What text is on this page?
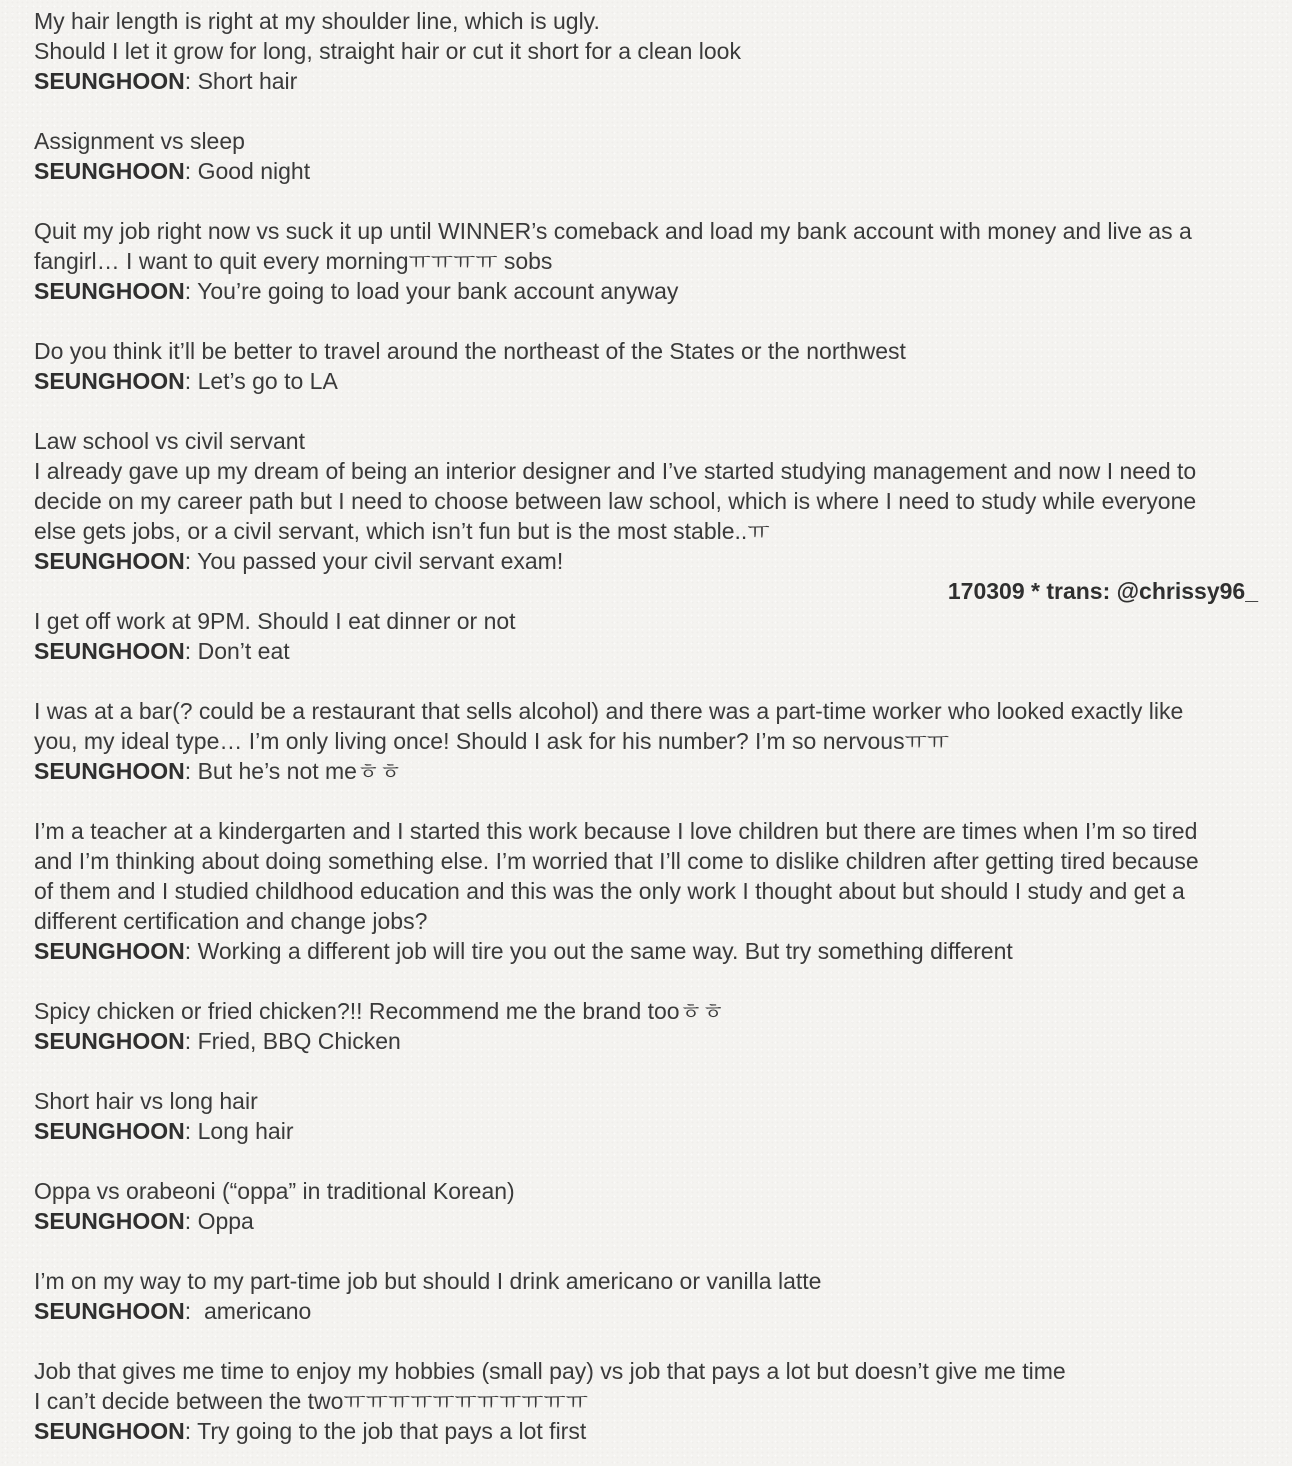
My hair length is right at my shoulder line, which is ugly.
Should I let it grow for long, straight hair or cut it short for a clean look
SEUNGHOON: Short hair
Assignment vs sleep
SEUNGHOON: Good night
Quit my job right now vs suck it up until WINNER’s comeback and load my bank account with money and live as a
fangirl… I want to quit every morningㅠㅠㅠㅠ sobs
SEUNGHOON: You’re going to load your bank account anyway
Do you think it’ll be better to travel around the northeast of the States or the northwest
SEUNGHOON: Let’s go to LA
Law school vs civil servant
I already gave up my dream of being an interior designer and I’ve started studying management and now I need to
decide on my career path but I need to choose between law school, which is where I need to study while everyone
else gets jobs, or a civil servant, which isn’t fun but is the most stable..ㅠ
SEUNGHOON: You passed your civil servant exam!
170309 * trans: @chrissy96_
I get off work at 9PM. Should I eat dinner or not
SEUNGHOON: Don’t eat
I was at a bar(? could be a restaurant that sells alcohol) and there was a part-time worker who looked exactly like
you, my ideal type… I’m only living once! Should I ask for his number? I’m so nervousㅠㅠ
SEUNGHOON: But he’s not meㅎㅎ
I’m a teacher at a kindergarten and I started this work because I love children but there are times when I’m so tired
and I’m thinking about doing something else. I’m worried that I’ll come to dislike children after getting tired because
of them and I studied childhood education and this was the only work I thought about but should I study and get a
different certification and change jobs?
SEUNGHOON: Working a different job will tire you out the same way. But try something different
Spicy chicken or fried chicken?!! Recommend me the brand tooㅎㅎ
SEUNGHOON: Fried, BBQ Chicken
Short hair vs long hair
SEUNGHOON: Long hair
Oppa vs orabeoni (“oppa” in traditional Korean)
SEUNGHOON: Oppa
I’m on my way to my part-time job but should I drink americano or vanilla latte
SEUNGHOON:  americano
Job that gives me time to enjoy my hobbies (small pay) vs job that pays a lot but doesn’t give me time
I can’t decide between the twoㅠㅠㅠㅠㅠㅠㅠㅠㅠㅠㅠ
SEUNGHOON: Try going to the job that pays a lot first
